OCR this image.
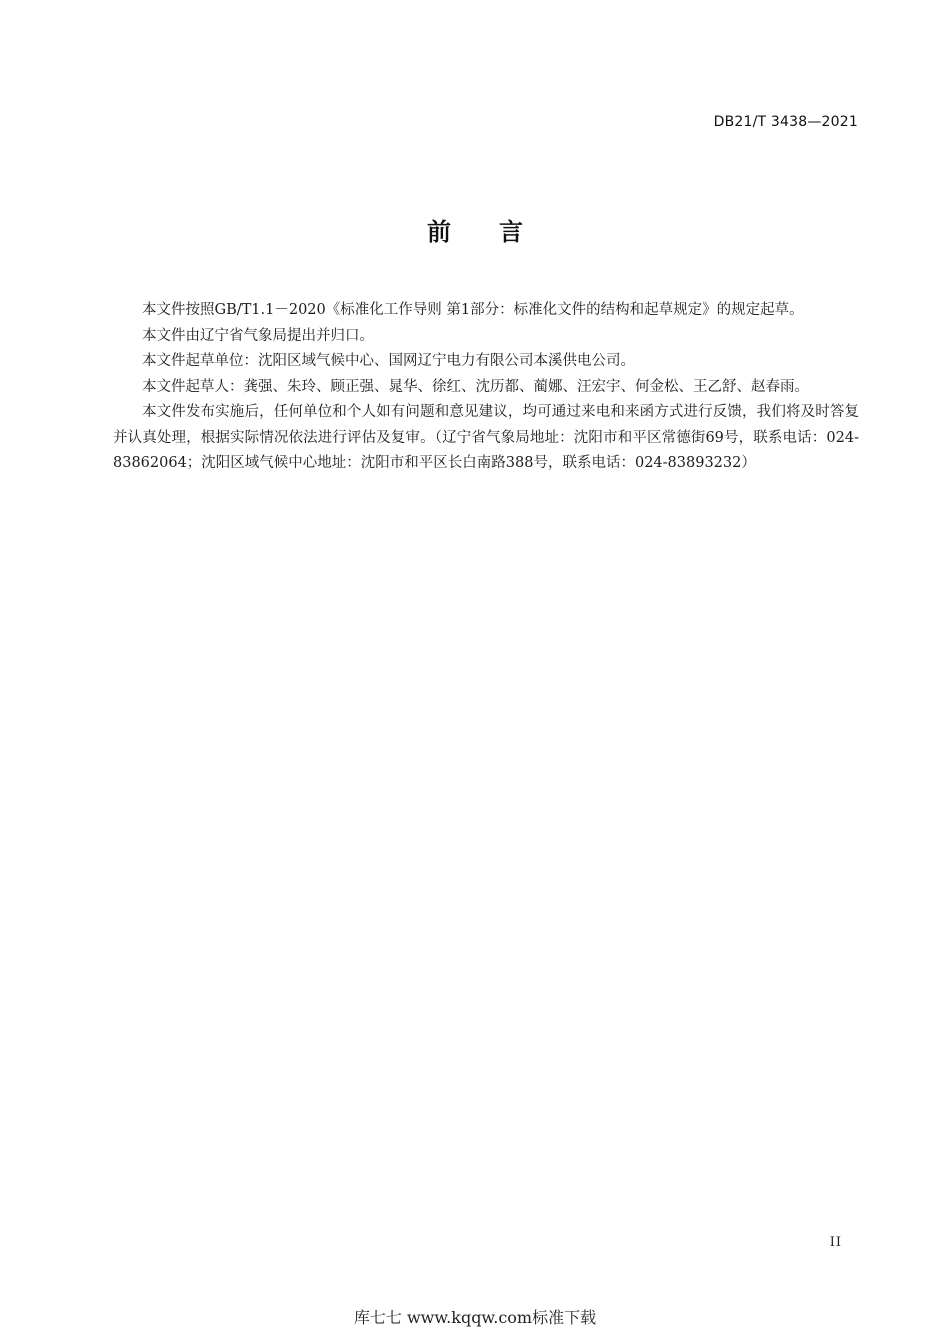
DB21/T 3438—2021
前言

本文件按照GB/T1.1－2020《标准化工作导则 第1部分：标准化文件的结构和起草规定》的规定起草。

本文件由辽宁省气象局提出并归口。

本文件起草单位：沈阳区域气候中心、国网辽宁电力有限公司本溪供电公司。

本文件起草人：龚强、朱玲、顾正强、晁华、徐红、沈历都、蔺娜、汪宏宇、何金松、王乙舒、赵春雨。

本文件发布实施后，任何单位和个人如有问题和意见建议，均可通过来电和来函方式进行反馈，我们将及时答复并认真处理，根据实际情况依法进行评估及复审。（辽宁省气象局地址：沈阳市和平区常德街69号，联系电话：024-83862064；沈阳区域气候中心地址：沈阳市和平区长白南路388号，联系电话：024-83893232）

II
库七七 www.kqqw.com标准下载
